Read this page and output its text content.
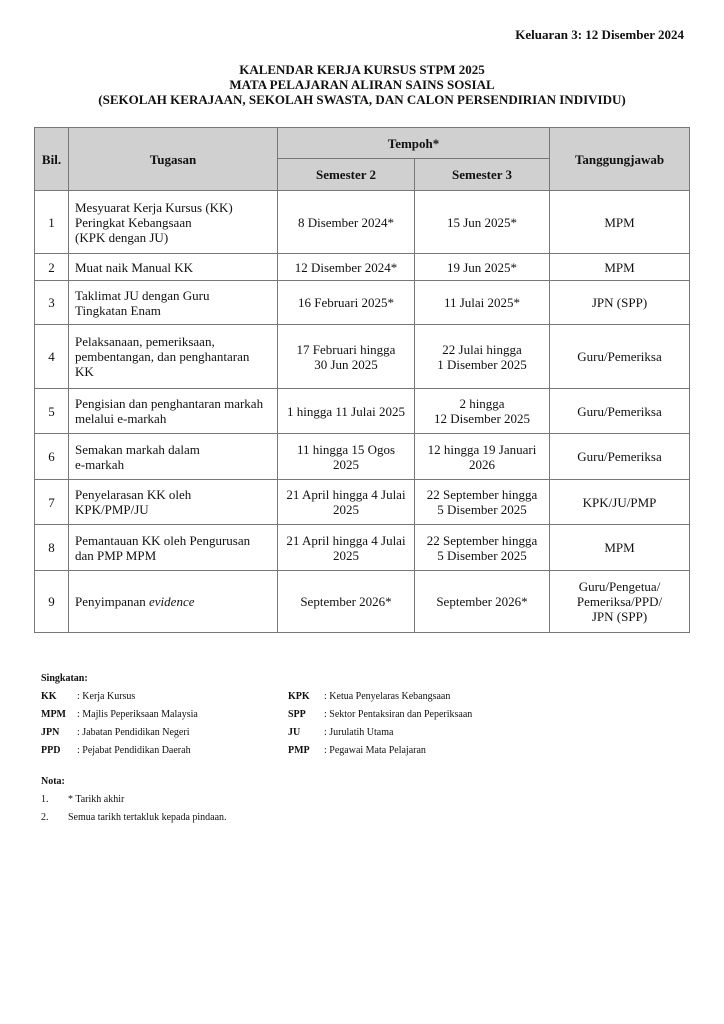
Keluaran 3: 12 Disember 2024
KALENDAR KERJA KURSUS STPM 2025
MATA PELAJARAN ALIRAN SAINS SOSIAL
(SEKOLAH KERAJAAN, SEKOLAH SWASTA, DAN CALON PERSENDIRIAN INDIVIDU)
Bil.	Tugasan	Tempoh*		Tanggungjawab
		Semester 2	Semester 3	
1	Mesyuarat Kerja Kursus (KK)
Peringkat Kebangsaan
(KPK dengan JU)	8 Disember 2024*	15 Jun 2025*	MPM

2	Muat naik Manual KK	12 Disember 2024*	19 Jun 2025*	MPM

3	Taklimat JU dengan Guru
Tingkatan Enam	16 Februari 2025*	11 Julai 2025*	JPN (SPP)

4	Pelaksanaan, pemeriksaan,
pembentangan, dan penghantaran
KK	17 Februari hingga
30 Jun 2025	22 Julai hingga
1 Disember 2025	Guru/Pemeriksa

5	Pengisian dan penghantaran markah
melalui e-markah	1 hingga 11 Julai 2025	2 hingga
12 Disember 2025	Guru/Pemeriksa

6	Semakan markah dalam
e-markah	11 hingga 15 Ogos
2025	12 hingga 19 Januari
2026	Guru/Pemeriksa

7	Penyelarasan KK oleh
KPK/PMP/JU	21 April hingga 4 Julai
2025	22 September hingga
5 Disember 2025	KPK/JU/PMP

8	Pemantauan KK oleh Pengurusan
dan PMP MPM	21 April hingga 4 Julai
2025	22 September hingga
5 Disember 2025	MPM

9	Penyimpanan evidence	September 2026*	September 2026*	Guru/Pengetua/
Pemeriksa/PPD/
JPN (SPP)
Singkatan:
KK	: Kerja Kursus	KPK	: Ketua Penyelaras Kebangsaan
MPM	: Majlis Peperiksaan Malaysia	SPP	: Sektor Pentaksiran dan Peperiksaan
JPN	: Jabatan Pendidikan Negeri	JU	: Jurulatih Utama
PPD	: Pejabat Pendidikan Daerah	PMP	: Pegawai Mata Pelajaran
Nota:
1.	* Tarikh akhir
2.	Semua tarikh tertakluk kepada pindaan.
